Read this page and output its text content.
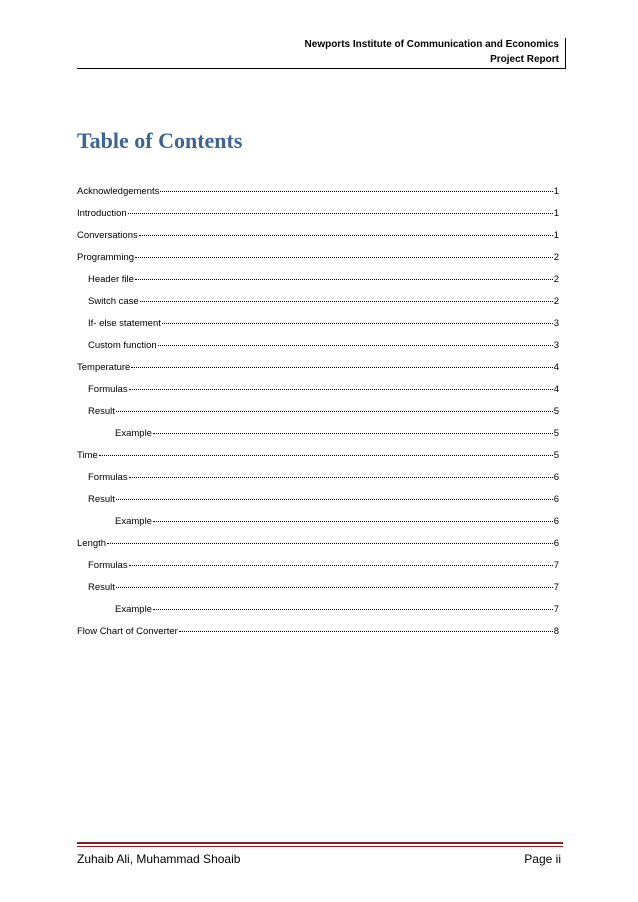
Newports Institute of Communication and Economics
Project Report
Table of Contents
Acknowledgements	1
Introduction	1
Conversations	1
Programming	2
Header file	2
Switch case	2
If- else statement	3
Custom function	3
Temperature	4
Formulas	4
Result	5
Example	5
Time	5
Formulas	6
Result	6
Example	6
Length	6
Formulas	7
Result	7
Example	7
Flow Chart of Converter	8
Zuhaib Ali, Muhammad Shoaib	Page ii
